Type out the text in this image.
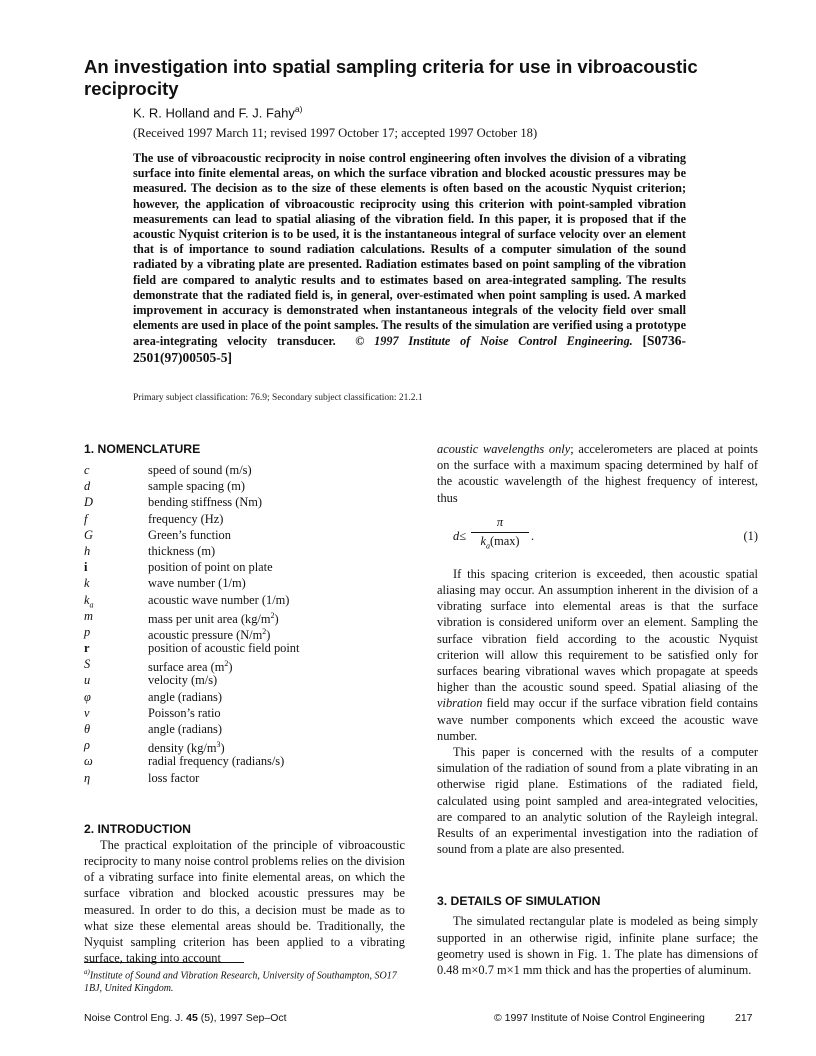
An investigation into spatial sampling criteria for use in vibroacoustic reciprocity
K. R. Holland and F. J. Fahy$^{a)}$
(Received 1997 March 11; revised 1997 October 17; accepted 1997 October 18)
The use of vibroacoustic reciprocity in noise control engineering often involves the division of a vibrating surface into finite elemental areas, on which the surface vibration and blocked acoustic pressures may be measured. The decision as to the size of these elements is often based on the acoustic Nyquist criterion; however, the application of vibroacoustic reciprocity using this criterion with point-sampled vibration measurements can lead to spatial aliasing of the vibration field. In this paper, it is proposed that if the acoustic Nyquist criterion is to be used, it is the instantaneous integral of surface velocity over an element that is of importance to sound radiation calculations. Results of a computer simulation of the sound radiated by a vibrating plate are presented. Radiation estimates based on point sampling of the vibration field are compared to analytic results and to estimates based on area-integrated sampling. The results demonstrate that the radiated field is, in general, over-estimated when point sampling is used. A marked improvement in accuracy is demonstrated when instantaneous integrals of the velocity field over small elements are used in place of the point samples. The results of the simulation are verified using a prototype area-integrating velocity transducer. © 1997 Institute of Noise Control Engineering. [S0736-2501(97)00505-5]
Primary subject classification: 76.9; Secondary subject classification: 21.2.1
1. NOMENCLATURE
c	speed of sound (m/s)
d	sample spacing (m)
D	bending stiffness (Nm)
f	frequency (Hz)
G	Green’s function
h	thickness (m)
i	position of point on plate
k	wave number (1/m)
$k_a$	acoustic wave number (1/m)
m	mass per unit area $(kg/m^2)$
p	acoustic pressure $(N/m^2)$
r	position of acoustic field point
S	surface area $(m^2)$
u	velocity (m/s)
φ	angle (radians)
ν	Poisson’s ratio
θ	angle (radians)
ρ	density $(kg/m^3)$
ω	radial frequency (radians/s)
η	loss factor
2. INTRODUCTION

The practical exploitation of the principle of vibroacoustic reciprocity to many noise control problems relies on the division of a vibrating surface into finite elemental areas, on which the surface vibration and blocked acoustic pressures may be measured. In order to do this, a decision must be made as to what size these elemental areas should be. Traditionally, the Nyquist sampling criterion has been applied to a vibrating surface, taking into account

acoustic wavelengths only; accelerometers are placed at points on the surface with a maximum spacing determined by half of the acoustic wavelength of the highest frequency of interest, thus

d≤
π
$k_a(\max)$ .	(1)

If this spacing criterion is exceeded, then acoustic spatial aliasing may occur. An assumption inherent in the division of a vibrating surface into elemental areas is that the surface vibration is considered uniform over an element. Sampling the surface vibration field according to the acoustic Nyquist criterion will allow this requirement to be satisfied only for surfaces bearing vibrational waves which propagate at speeds higher than the acoustic sound speed. Spatial aliasing of the vibration field may occur if the surface vibration field contains wave number components which exceed the acoustic wave number.

This paper is concerned with the results of a computer simulation of the radiation of sound from a plate vibrating in an otherwise rigid plane. Estimations of the radiated field, calculated using point sampled and area-integrated velocities, are compared to an analytic solution of the Rayleigh integral. Results of an experimental investigation into the radiation of sound from a plate are also presented.

3. DETAILS OF SIMULATION

The simulated rectangular plate is modeled as being simply supported in an otherwise rigid, infinite plane surface; the geometry used is shown in Fig. 1. The plate has dimensions of 0.48 m×0.7 m×1 mm thick and has the properties of aluminum.

$^{a)}$Institute of Sound and Vibration Research, University of Southampton, SO17 1BJ, United Kingdom.
Noise Control Eng. J. 45 (5), 1997 Sep–Oct	© 1997 Institute of Noise Control Engineering	217
